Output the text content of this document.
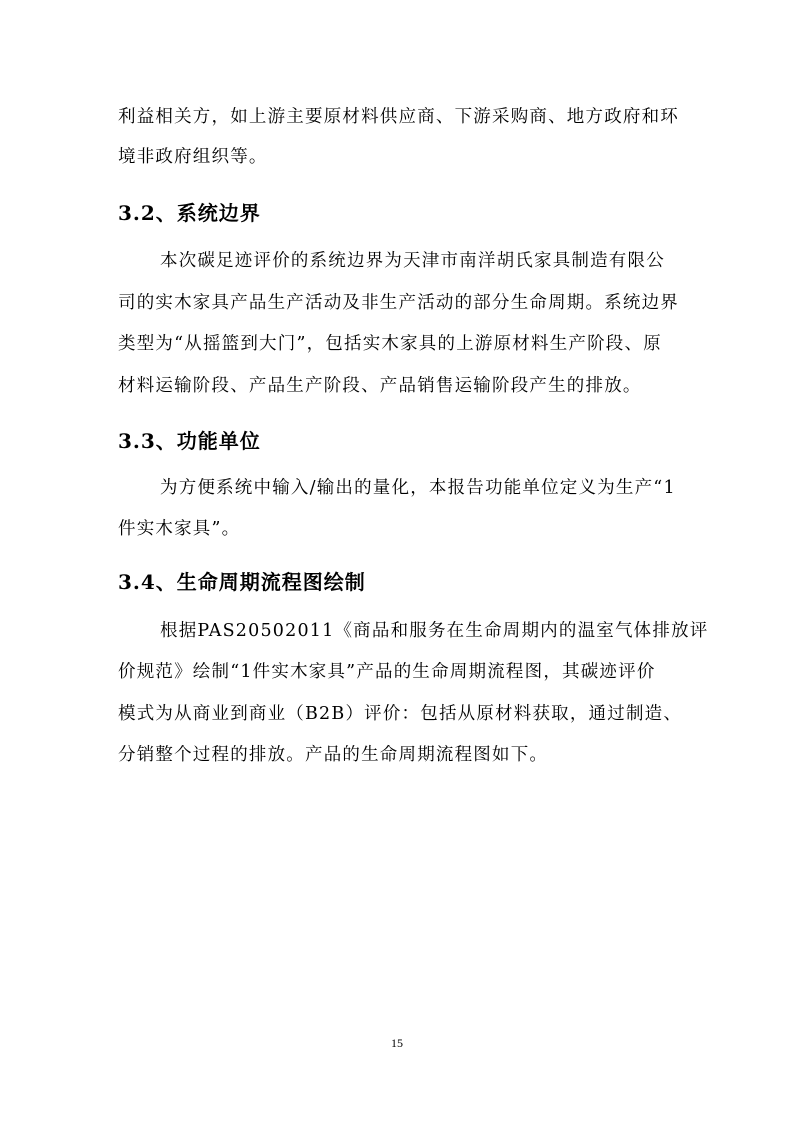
利益相关方，如上游主要原材料供应商、下游采购商、地方政府和环
境非政府组织等。
3.2、系统边界
本次碳足迹评价的系统边界为天津市南洋胡氏家具制造有限公
司的实木家具产品生产活动及非生产活动的部分生命周期。系统边界
类型为“从摇篮到大门”，包括实木家具的上游原材料生产阶段、原
材料运输阶段、产品生产阶段、产品销售运输阶段产生的排放。
3.3、功能单位
为方便系统中输入/输出的量化，本报告功能单位定义为生产“1
件实木家具”。
3.4、生命周期流程图绘制
根据PAS20502011《商品和服务在生命周期内的温室气体排放评
价规范》绘制“1件实木家具”产品的生命周期流程图，其碳迹评价
模式为从商业到商业（B2B）评价：包括从原材料获取，通过制造、
分销整个过程的排放。产品的生命周期流程图如下。
15
